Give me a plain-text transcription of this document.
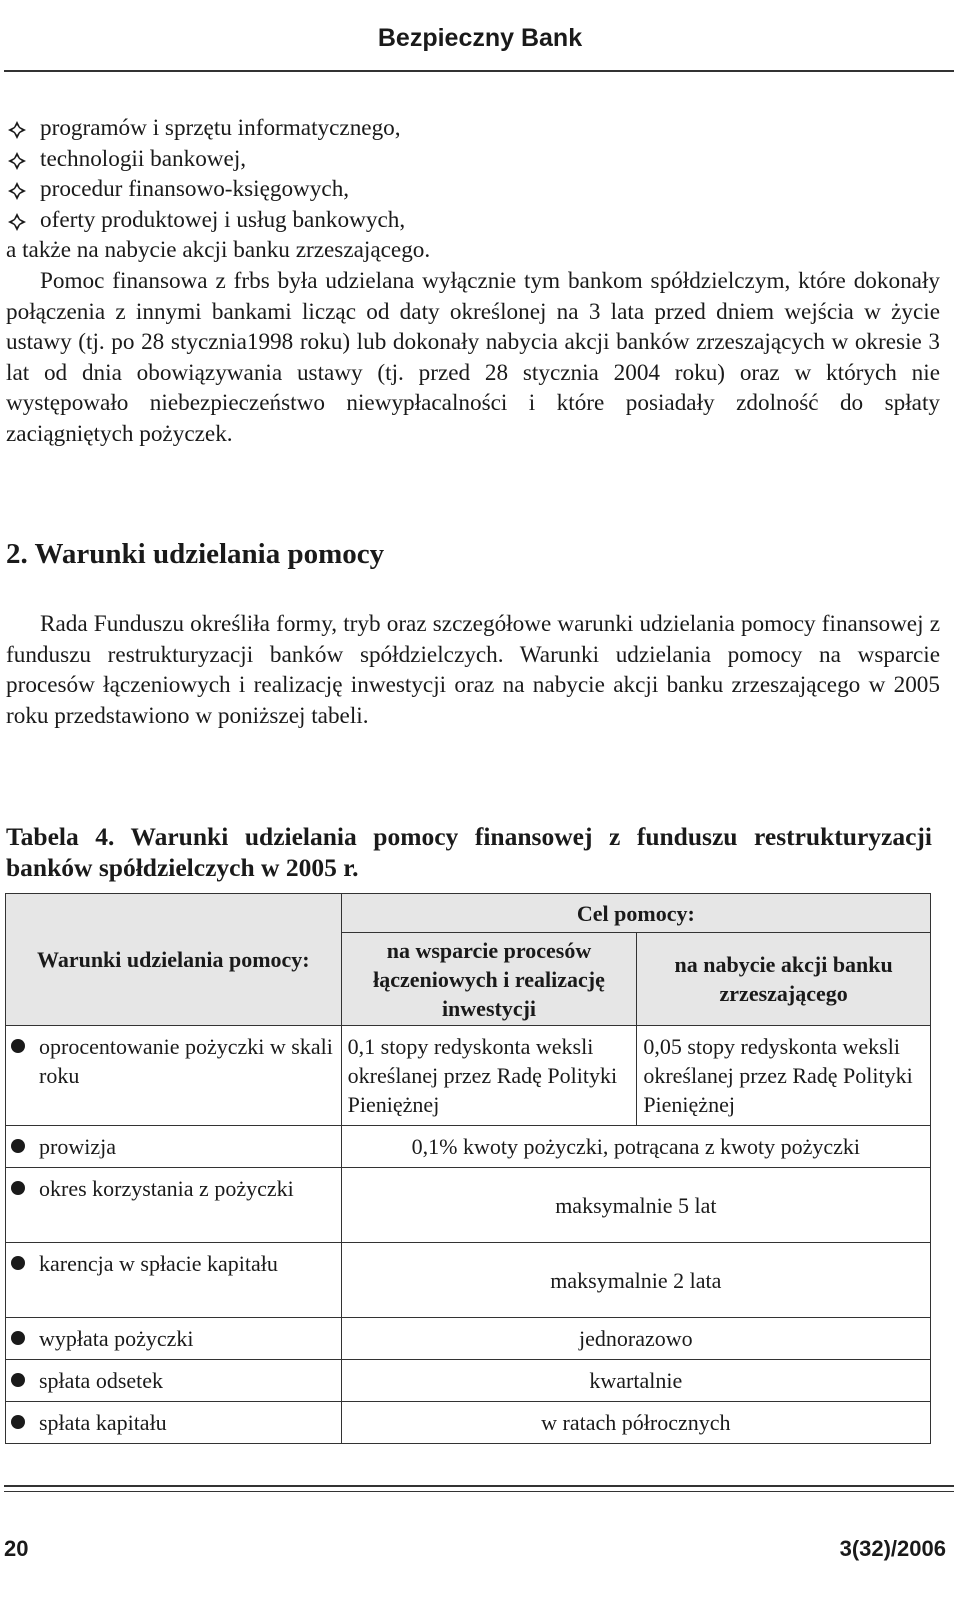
Bezpieczny Bank
programów i sprzętu informatycznego,
technologii bankowej,
procedur finansowo-księgowych,
oferty produktowej i usług bankowych,

a także na nabycie akcji banku zrzeszającego.

Pomoc finansowa z frbs była udzielana wyłącznie tym bankom spółdzielczym, które dokonały połączenia z innymi bankami licząc od daty określonej na 3 lata przed dniem wejścia w życie ustawy (tj. po 28 stycznia1998 roku) lub dokonały nabycia akcji banków zrzeszających w okresie 3 lat od dnia obowiązywania ustawy (tj. przed 28 stycznia 2004 roku) oraz w których nie występowało niebezpieczeństwo niewypłacalności i które posiadały zdolność do spłaty zaciągniętych pożyczek.

2. Warunki udzielania pomocy

Rada Funduszu określiła formy, tryb oraz szczegółowe warunki udzielania pomocy finansowej z funduszu restrukturyzacji banków spółdzielczych. Warunki udzielania pomocy na wsparcie procesów łączeniowych i realizację inwestycji oraz na nabycie akcji banku zrzeszającego w 2005 roku przedstawiono w poniższej tabeli.

Tabela 4. Warunki udzielania pomocy finansowej z funduszu restrukturyzacji banków spółdzielczych w 2005 r.
Warunki udzielania pomocy:	Cel pomocy:	
	na wsparcie procesów łączeniowych i realizację inwestycji	na nabycie akcji banku zrzeszającego

oprocentowanie pożyczki w skali roku	0,1 stopy redyskonta weksli określanej przez Radę Polityki Pieniężnej	0,05 stopy redyskonta weksli określanej przez Radę Polityki Pieniężnej

prowizja	0,1% kwoty pożyczki, potrącana z kwoty pożyczki	

okres korzystania z pożyczki	maksymalnie 5 lat	

karencja w spłacie kapitału	maksymalnie 2 lata	

wypłata pożyczki	jednorazowo	

spłata odsetek	kwartalnie	

spłata kapitału	w ratach półrocznych	
20	3(32)/2006
